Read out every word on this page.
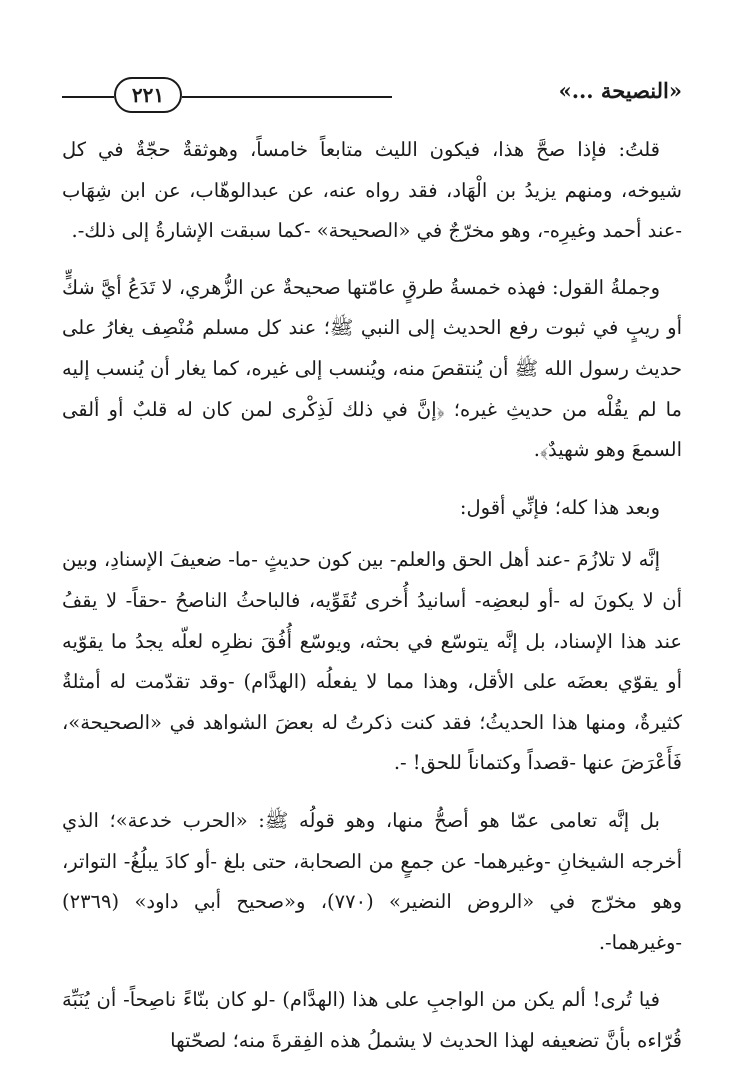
٢٢١	«النصيحة ...»

قلتُ: فإذا صحَّ هذا، فيكون الليث متابعاً خامساً، وهوثقةٌ حجّةٌ في كل شيوخه، ومنهم يزيدُ بن الْهَاد، فقد رواه عنه، عن عبدالوهّاب، عن ابن شِهَاب -عند أحمد وغيرِه-، وهو مخرّجٌ في «الصحيحة» -كما سبقت الإشارةُ إلى ذلك-.

وجملةُ القول: فهذه خمسةُ طرقٍ عامّتها صحيحةٌ عن الزُّهري، لا تَدَعُ أيَّ شكٍّ أو ريبٍ في ثبوت رفع الحديث إلى النبي ﷺ؛ عند كل مسلم مُنْصِف يغارُ على حديث رسول الله ﷺ أن يُنتقصَ منه، ويُنسب إلى غيره، كما يغار أن يُنسب إليه ما لم يقُلْه من حديثِ غيره؛ ﴿إنَّ في ذلك لَذِكْرى لمن كان له قلبٌ أو ألقى السمعَ وهو شهيدٌ﴾.

وبعد هذا كله؛ فإنِّي أقول:

إنَّه لا تلازُمَ -عند أهل الحق والعلم- بين كون حديثٍ -ما- ضعيفَ الإسنادِ، وبين أن لا يكونَ له -أو لبعضِه- أسانيدُ أُخرى تُقَوِّيه، فالباحثُ الناصحُ -حقاً- لا يقفُ عند هذا الإسناد، بل إنَّه يتوسّع في بحثه، ويوسّع أُفُقَ نظرِه لعلّه يجدُ ما يقوّيه أو يقوّي بعضَه على الأقل، وهذا مما لا يفعلُه (الهدَّام) -وقد تقدّمت له أمثلةٌ كثيرةٌ، ومنها هذا الحديثُ؛ فقد كنت ذكرتُ له بعضَ الشواهد في «الصحيحة»، فَأَعْرَضَ عنها -قصداً وكتماناً للحق! -.

بل إنَّه تعامى عمّا هو أصحُّ منها، وهو قولُه ﷺ: «الحرب خدعة»؛ الذي أخرجه الشيخانِ -وغيرهما- عن جمعٍ من الصحابة، حتى بلغ -أو كادَ يبلُغُ- التواتر، وهو مخرّج في «الروض النضير» (٧٧٠)، و«صحيح أبي داود» (٢٣٦٩) -وغيرهما-.

فيا تُرى! ألم يكن من الواجبِ على هذا (الهدَّام) -لو كان بنّاءً ناصِحاً- أن يُنَبِّهَ قُرّاءه بأنَّ تضعيفه لهذا الحديث لا يشملُ هذه الفِقرةَ منه؛ لصحّتها
